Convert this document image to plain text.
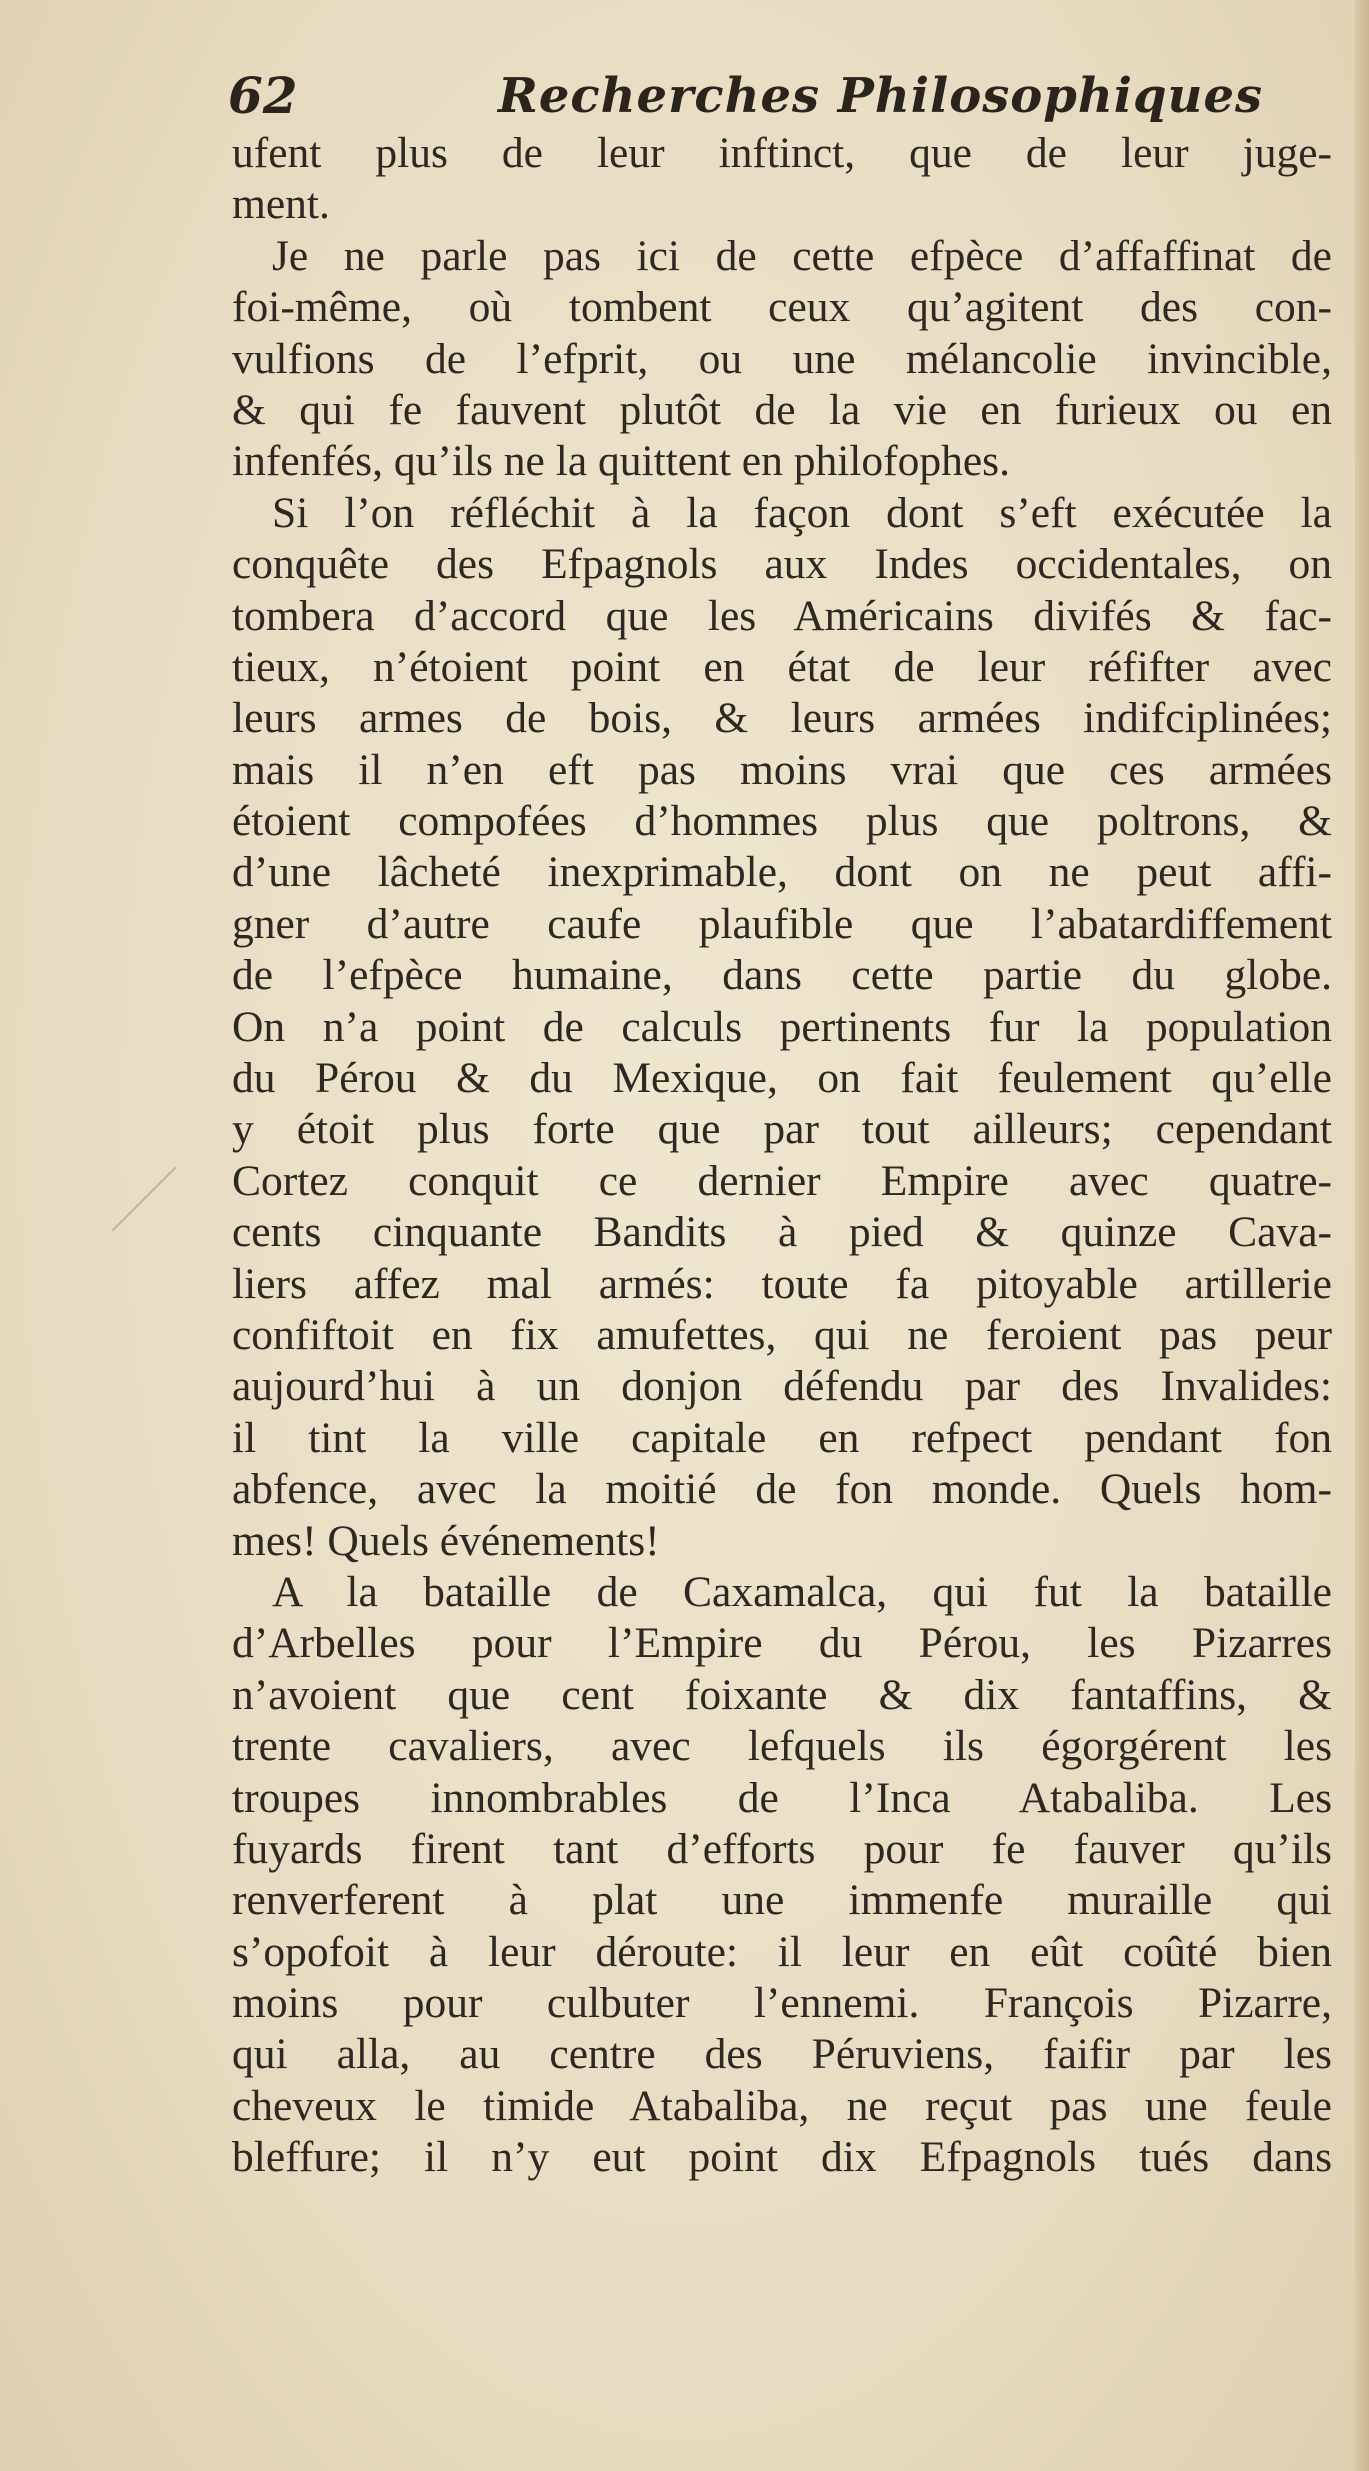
62	Recherches Philosophiques
ufent plus de leur inftinct, que de leur juge-
ment.
Je ne parle pas ici de cette efpèce d’affaffinat de
foi-même, où tombent ceux qu’agitent des con-
vulfions de l’efprit, ou une mélancolie invincible,
& qui fe fauvent plutôt de la vie en furieux ou en
infenfés, qu’ils ne la quittent en philofophes.
Si l’on réfléchit à la façon dont s’eft exécutée la
conquête des Efpagnols aux Indes occidentales, on
tombera d’accord que les Américains divifés & fac-
tieux, n’étoient point en état de leur réfifter avec
leurs armes de bois, & leurs armées indifciplinées;
mais il n’en eft pas moins vrai que ces armées
étoient compofées d’hommes plus que poltrons, &
d’une lâcheté inexprimable, dont on ne peut affi-
gner d’autre caufe plaufible que l’abatardiffement
de l’efpèce humaine, dans cette partie du globe.
On n’a point de calculs pertinents fur la population
du Pérou & du Mexique, on fait feulement qu’elle
y étoit plus forte que par tout ailleurs; cependant
Cortez conquit ce dernier Empire avec quatre-
cents cinquante Bandits à pied & quinze Cava-
liers affez mal armés: toute fa pitoyable artillerie
confiftoit en fix amufettes, qui ne feroient pas peur
aujourd’hui à un donjon défendu par des Invalides:
il tint la ville capitale en refpect pendant fon
abfence, avec la moitié de fon monde. Quels hom-
mes! Quels événements!
A la bataille de Caxamalca, qui fut la bataille
d’Arbelles pour l’Empire du Pérou, les Pizarres
n’avoient que cent foixante & dix fantaffins, &
trente cavaliers, avec lefquels ils égorgérent les
troupes innombrables de l’Inca Atabaliba. Les
fuyards firent tant d’efforts pour fe fauver qu’ils
renverferent à plat une immenfe muraille qui
s’opofoit à leur déroute: il leur en eût coûté bien
moins pour culbuter l’ennemi. François Pizarre,
qui alla, au centre des Péruviens, faifir par les
cheveux le timide Atabaliba, ne reçut pas une feule
bleffure; il n’y eut point dix Efpagnols tués dans
